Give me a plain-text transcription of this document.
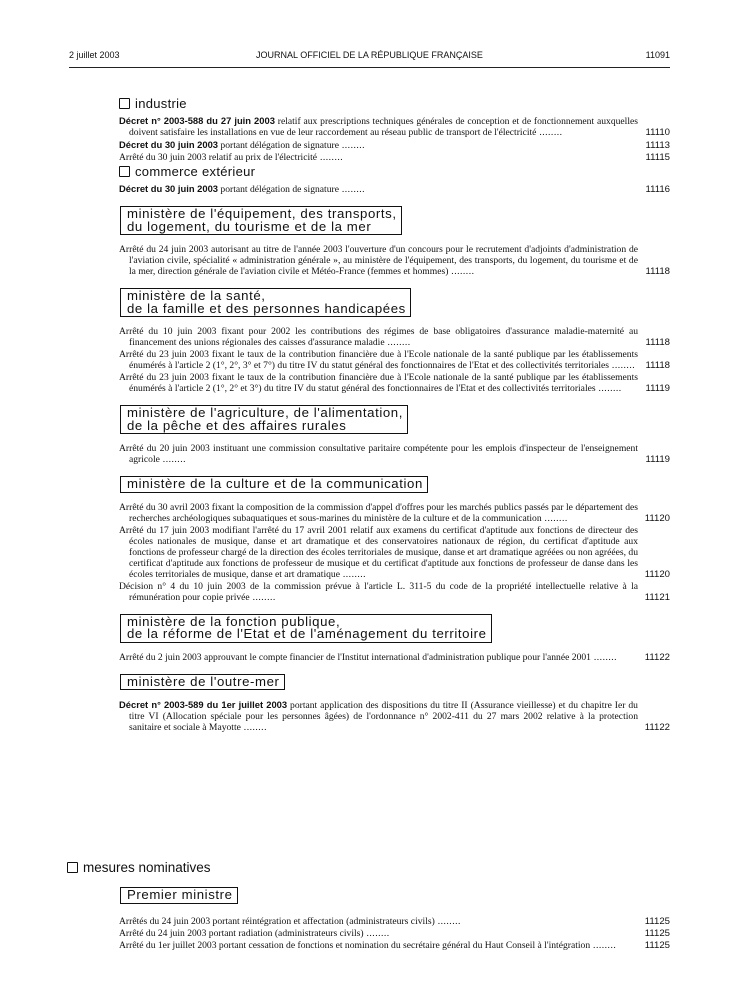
2 juillet 2003	JOURNAL OFFICIEL DE LA RÉPUBLIQUE FRANÇAISE	11091
industrie
Décret n° 2003-588 du 27 juin 2003 relatif aux prescriptions techniques générales de conception et de fonctionnement auxquelles doivent satisfaire les installations en vue de leur raccordement au réseau public de transport de l'électricité ........	11110
Décret du 30 juin 2003 portant délégation de signature ........	11113
Arrêté du 30 juin 2003 relatif au prix de l'électricité ........	11115
commerce extérieur
Décret du 30 juin 2003 portant délégation de signature ........	11116
ministère de l'équipement, des transports,
du logement, du tourisme et de la mer
Arrêté du 24 juin 2003 autorisant au titre de l'année 2003 l'ouverture d'un concours pour le recrutement d'adjoints d'administration de l'aviation civile, spécialité « administration générale », au ministère de l'équipement, des transports, du logement, du tourisme et de la mer, direction générale de l'aviation civile et Météo-France (femmes et hommes) ........	11118
ministère de la santé,
de la famille et des personnes handicapées
Arrêté du 10 juin 2003 fixant pour 2002 les contributions des régimes de base obligatoires d'assurance maladie-maternité au financement des unions régionales des caisses d'assurance maladie ........	11118
Arrêté du 23 juin 2003 fixant le taux de la contribution financière due à l'Ecole nationale de la santé publique par les établissements énumérés à l'article 2 (1°, 2°, 3° et 7°) du titre IV du statut général des fonctionnaires de l'Etat et des collectivités territoriales ........	11118
Arrêté du 23 juin 2003 fixant le taux de la contribution financière due à l'Ecole nationale de la santé publique par les établissements énumérés à l'article 2 (1°, 2° et 3°) du titre IV du statut général des fonctionnaires de l'Etat et des collectivités territoriales ........	11119
ministère de l'agriculture, de l'alimentation,
de la pêche et des affaires rurales
Arrêté du 20 juin 2003 instituant une commission consultative paritaire compétente pour les emplois d'inspecteur de l'enseignement agricole ........	11119
ministère de la culture et de la communication
Arrêté du 30 avril 2003 fixant la composition de la commission d'appel d'offres pour les marchés publics passés par le département des recherches archéologiques subaquatiques et sous-marines du ministère de la culture et de la communication ........	11120
Arrêté du 17 juin 2003 modifiant l'arrêté du 17 avril 2001 relatif aux examens du certificat d'aptitude aux fonctions de directeur des écoles nationales de musique, danse et art dramatique et des conservatoires nationaux de région, du certificat d'aptitude aux fonctions de professeur chargé de la direction des écoles territoriales de musique, danse et art dramatique agréées ou non agréées, du certificat d'aptitude aux fonctions de professeur de musique et du certificat d'aptitude aux fonctions de professeur de danse dans les écoles territoriales de musique, danse et art dramatique ........	11120
Décision n° 4 du 10 juin 2003 de la commission prévue à l'article L. 311-5 du code de la propriété intellectuelle relative à la rémunération pour copie privée ........	11121
ministère de la fonction publique,
de la réforme de l'Etat et de l'aménagement du territoire
Arrêté du 2 juin 2003 approuvant le compte financier de l'Institut international d'administration publique pour l'année 2001 ........	11122
ministère de l'outre-mer
Décret n° 2003-589 du 1er juillet 2003 portant application des dispositions du titre II (Assurance vieillesse) et du chapitre Ier du titre VI (Allocation spéciale pour les personnes âgées) de l'ordonnance n° 2002-411 du 27 mars 2002 relative à la protection sanitaire et sociale à Mayotte ........	11122
mesures nominatives
Premier ministre
Arrêtés du 24 juin 2003 portant réintégration et affectation (administrateurs civils) ........	11125
Arrêté du 24 juin 2003 portant radiation (administrateurs civils) ........	11125
Arrêté du 1er juillet 2003 portant cessation de fonctions et nomination du secrétaire général du Haut Conseil à l'intégration ........	11125
